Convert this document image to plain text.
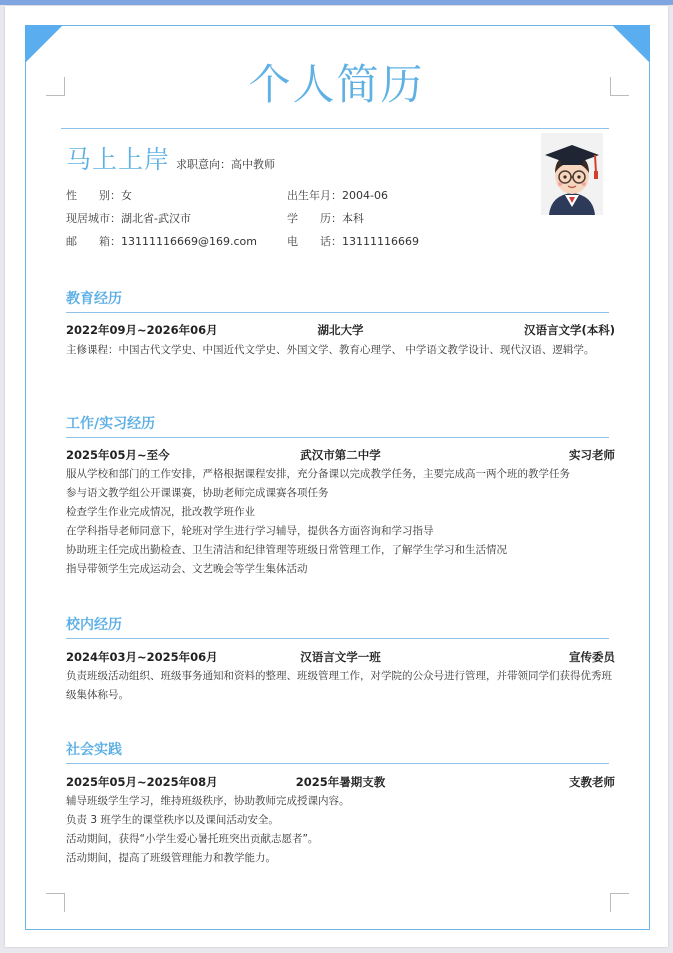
个人简历
马上上岸 求职意向：高中教师
性　　别：女	出生年月：2004-06
现居城市：湖北省-武汉市	学　　历：本科
邮　　箱：13111116669@169.com	电　　话：13111116669
教育经历
2022年09月~2026年06月	湖北大学	汉语言文学(本科)
主修课程：中国古代文学史、中国近代文学史、外国文学、教育心理学、 中学语文教学设计、现代汉语、逻辑学。
工作/实习经历
2025年05月~至今	武汉市第二中学	实习老师
服从学校和部门的工作安排，严格根据课程安排，充分备课以完成教学任务，主要完成高一两个班的教学任务
参与语文教学组公开课课赛，协助老师完成课赛各项任务
检查学生作业完成情况，批改教学班作业
在学科指导老师同意下，轮班对学生进行学习辅导，提供各方面咨询和学习指导
协助班主任完成出勤检查、卫生清洁和纪律管理等班级日常管理工作，了解学生学习和生活情况
指导带领学生完成运动会、文艺晚会等学生集体活动
校内经历
2024年03月~2025年06月	汉语言文学一班	宣传委员
负责班级活动组织、班级事务通知和资料的整理、班级管理工作，对学院的公众号进行管理，并带领同学们获得优秀班级集体称号。
社会实践
2025年05月~2025年08月	2025年暑期支教	支教老师
辅导班级学生学习，维持班级秩序，协助教师完成授课内容。
负责 3 班学生的课堂秩序以及课间活动安全。
活动期间，获得“小学生爱心暑托班突出贡献志愿者”。
活动期间，提高了班级管理能力和教学能力。
